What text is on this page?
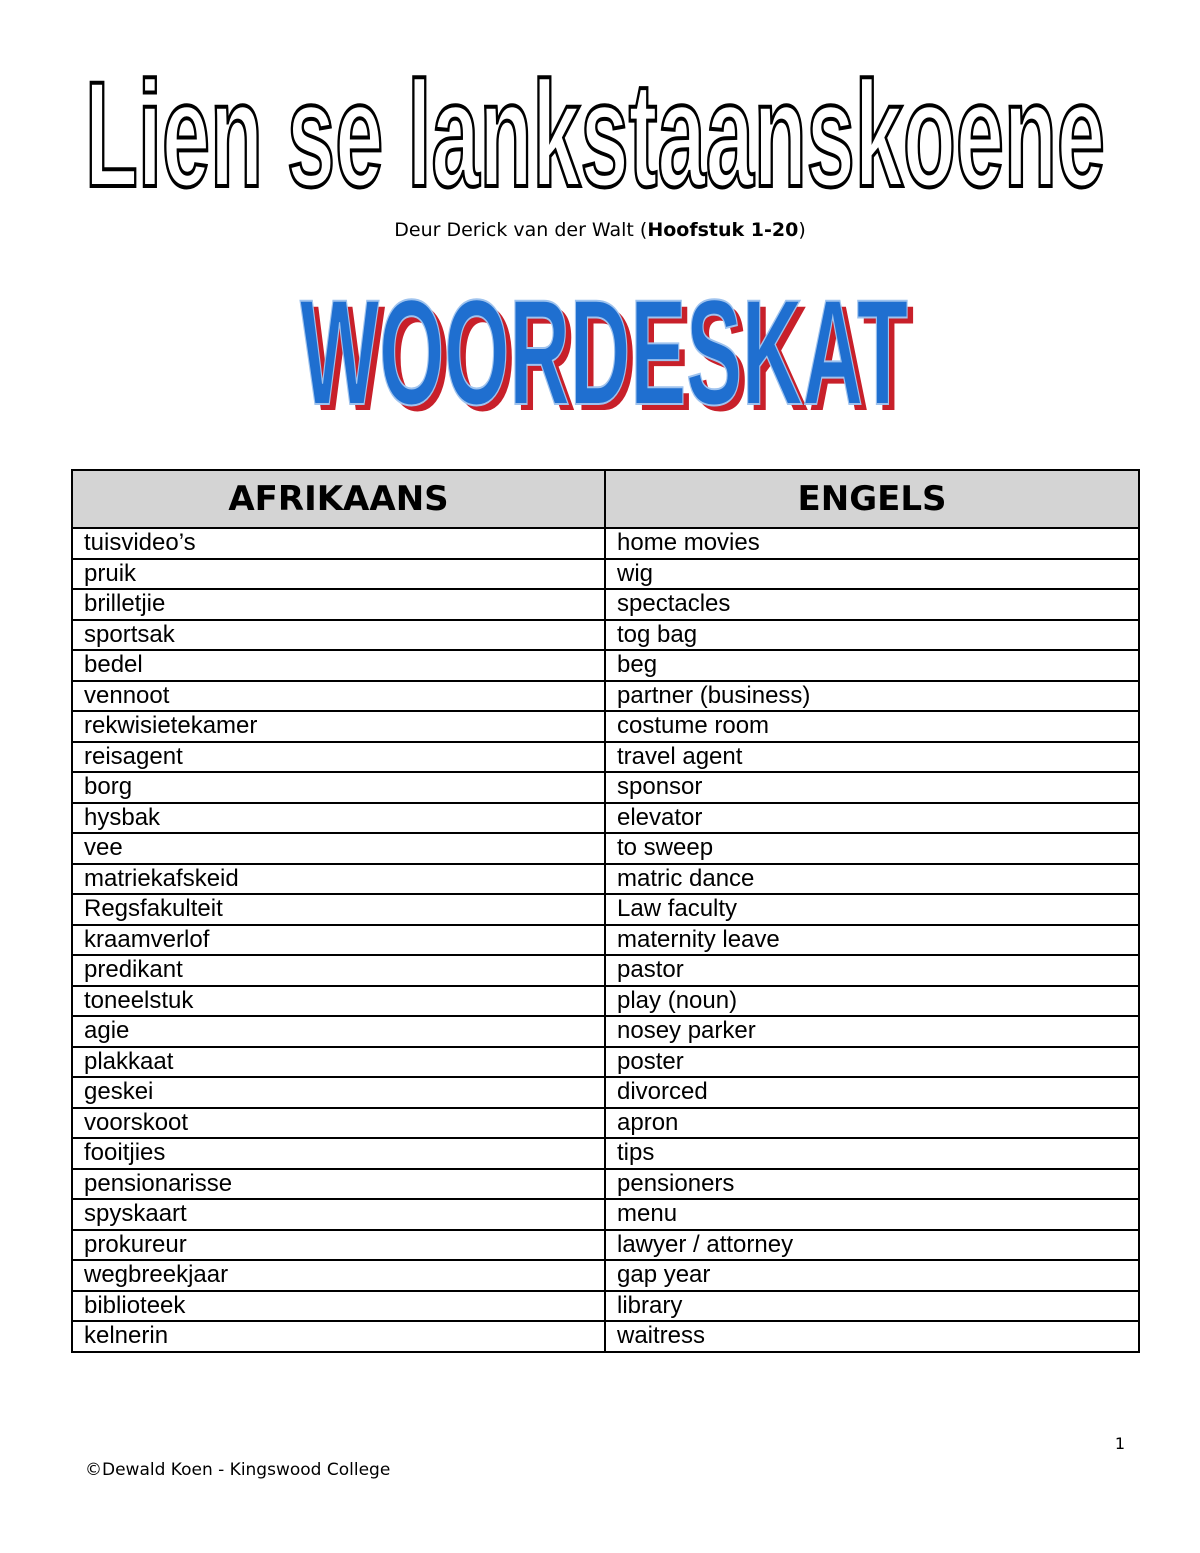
Lien se lankstaanskoene
Deur Derick van der Walt (Hoofstuk 1-20)
WOORDESKAT
WOORDESKAT
AFRIKAANS	ENGELS
tuisvideo’s	home movies
pruik	wig
brilletjie	spectacles
sportsak	tog bag
bedel	beg
vennoot	partner (business)
rekwisietekamer	costume room
reisagent	travel agent
borg	sponsor
hysbak	elevator
vee	to sweep
matriekafskeid	matric dance
Regsfakulteit	Law faculty
kraamverlof	maternity leave
predikant	pastor
toneelstuk	play (noun)
agie	nosey parker
plakkaat	poster
geskei	divorced
voorskoot	apron
fooitjies	tips
pensionarisse	pensioners
spyskaart	menu
prokureur	lawyer / attorney
wegbreekjaar	gap year
biblioteek	library
kelnerin	waitress
1
©Dewald Koen - Kingswood College
